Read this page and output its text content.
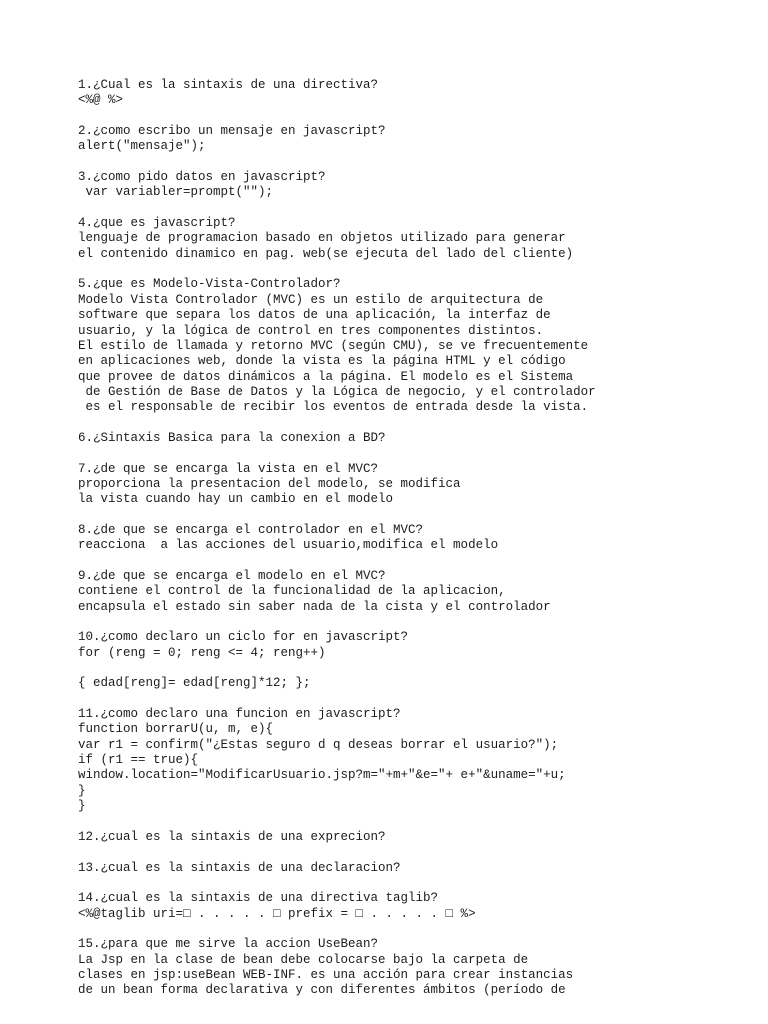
1.¿Cual es la sintaxis de una directiva?
<%@ %>
2.¿como escribo un mensaje en javascript?
alert("mensaje");
3.¿como pido datos en javascript?
var variabler=prompt("");
4.¿que es javascript?
lenguaje de programacion basado en objetos utilizado para generar
el contenido dinamico en pag. web(se ejecuta del lado del cliente)
5.¿que es Modelo-Vista-Controlador?
Modelo Vista Controlador (MVC) es un estilo de arquitectura de
software que separa los datos de una aplicación, la interfaz de
usuario, y la lógica de control en tres componentes distintos.
El estilo de llamada y retorno MVC (según CMU), se ve frecuentemente
en aplicaciones web, donde la vista es la página HTML y el código
que provee de datos dinámicos a la página. El modelo es el Sistema
de Gestión de Base de Datos y la Lógica de negocio, y el controlador
es el responsable de recibir los eventos de entrada desde la vista.
6.¿Sintaxis Basica para la conexion a BD?
7.¿de que se encarga la vista en el MVC?
proporciona la presentacion del modelo, se modifica
la vista cuando hay un cambio en el modelo
8.¿de que se encarga el controlador en el MVC?
reacciona  a las acciones del usuario,modifica el modelo
9.¿de que se encarga el modelo en el MVC?
contiene el control de la funcionalidad de la aplicacion,
encapsula el estado sin saber nada de la cista y el controlador
10.¿como declaro un ciclo for en javascript?
for (reng = 0; reng <= 4; reng++)
{ edad[reng]= edad[reng]*12; };
11.¿como declaro una funcion en javascript?
function borrarU(u, m, e){
var r1 = confirm("¿Estas seguro d q deseas borrar el usuario?");
if (r1 == true){
window.location="ModificarUsuario.jsp?m="+m+"&e="+ e+"&uname="+u;
}
}
12.¿cual es la sintaxis de una exprecion?
13.¿cual es la sintaxis de una declaracion?
14.¿cual es la sintaxis de una directiva taglib?
<%@taglib uri=□ . . . . . □ prefix = □ . . . . . □ %>
15.¿para que me sirve la accion UseBean?
La Jsp en la clase de bean debe colocarse bajo la carpeta de
clases en jsp:useBean WEB-INF. es una acción para crear instancias
de un bean forma declarativa y con diferentes ámbitos (período de
